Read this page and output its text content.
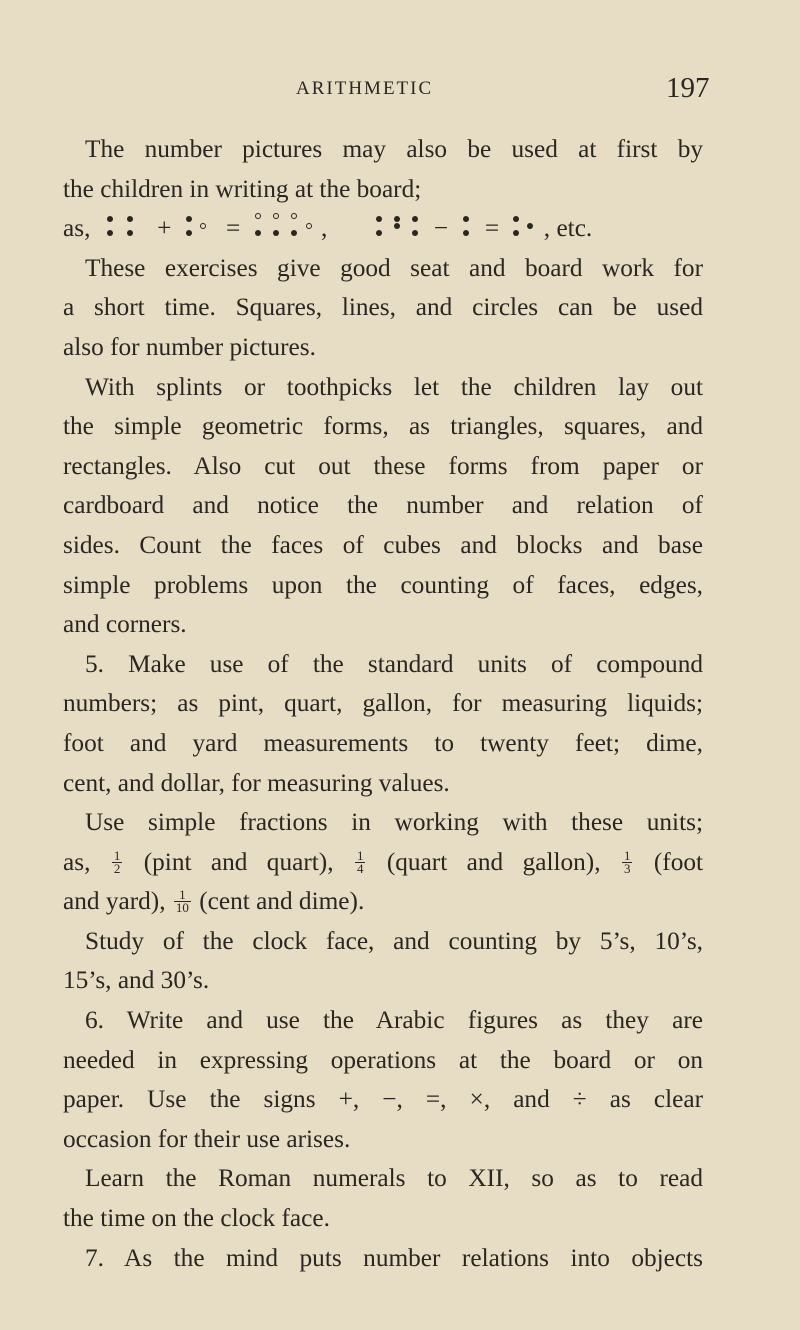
ARITHMETIC	197
The number pictures may also be used at first by
the children in writing at the board;
as,	+ =	,	− = , etc.
These exercises give good seat and board work for
a short time. Squares, lines, and circles can be used
also for number pictures.
With splints or toothpicks let the children lay out
the simple geometric forms, as triangles, squares, and
rectangles. Also cut out these forms from paper or
cardboard and notice the number and relation of
sides. Count the faces of cubes and blocks and base
simple problems upon the counting of faces, edges,
and corners.
5. Make use of the standard units of compound
numbers; as pint, quart, gallon, for measuring liquids;
foot and yard measurements to twenty feet; dime,
cent, and dollar, for measuring values.
Use simple fractions in working with these units;
as, $\frac{1}{2}$ (pint and quart), $\frac{1}{4}$ (quart and gallon), $\frac{1}{3}$ (foot
and yard), $\frac{1}{10}$ (cent and dime).
Study of the clock face, and counting by 5’s, 10’s,
15’s, and 30’s.
6. Write and use the Arabic figures as they are
needed in expressing operations at the board or on
paper. Use the signs +, −, =, ×, and ÷ as clear
occasion for their use arises.
Learn the Roman numerals to XII, so as to read
the time on the clock face.
7. As the mind puts number relations into objects
